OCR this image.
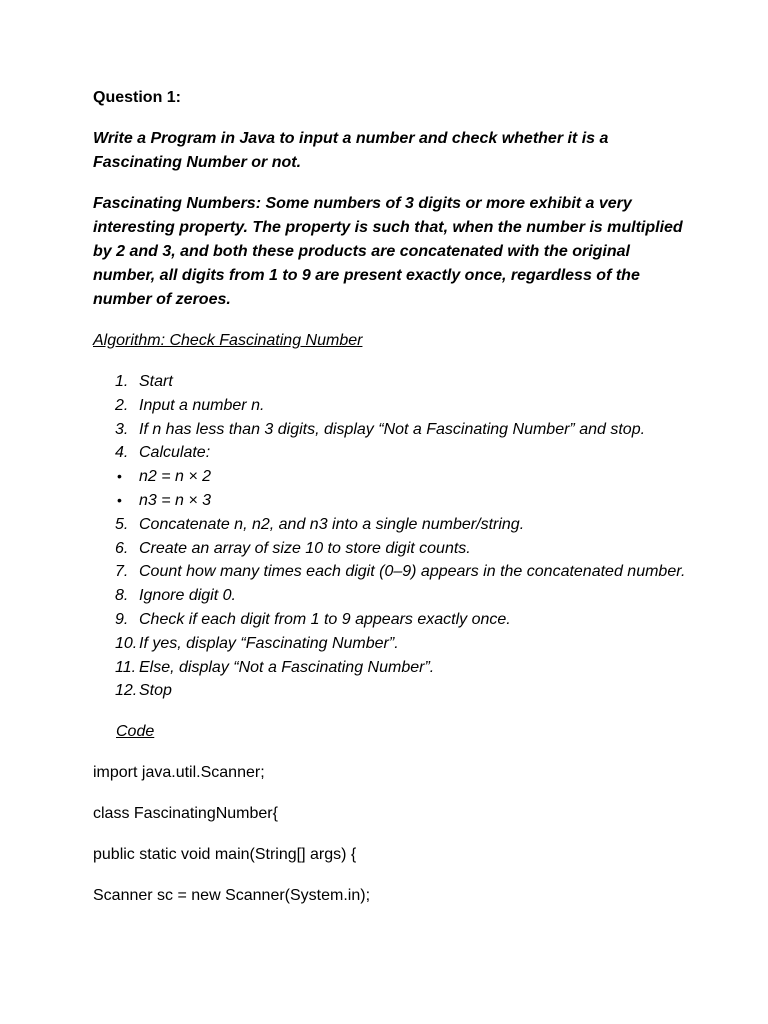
Question 1:

Write a Program in Java to input a number and check whether it is a Fascinating Number or not.

Fascinating Numbers: Some numbers of 3 digits or more exhibit a very interesting property. The property is such that, when the number is multiplied by 2 and 3, and both these products are concatenated with the original number, all digits from 1 to 9 are present exactly once, regardless of the number of zeroes.

Algorithm: Check Fascinating Number

1. Start
2. Input a number n.
3. If n has less than 3 digits, display “Not a Fascinating Number” and stop.
4. Calculate:
• n2 = n × 2
• n3 = n × 3
5. Concatenate n, n2, and n3 into a single number/string.
6. Create an array of size 10 to store digit counts.
7. Count how many times each digit (0–9) appears in the concatenated number.
8. Ignore digit 0.
9. Check if each digit from 1 to 9 appears exactly once.
10. If yes, display “Fascinating Number”.
11. Else, display “Not a Fascinating Number”.
12. Stop

Code

import java.util.Scanner;

class FascinatingNumber{

public static void main(String[] args) {

Scanner sc = new Scanner(System.in);
